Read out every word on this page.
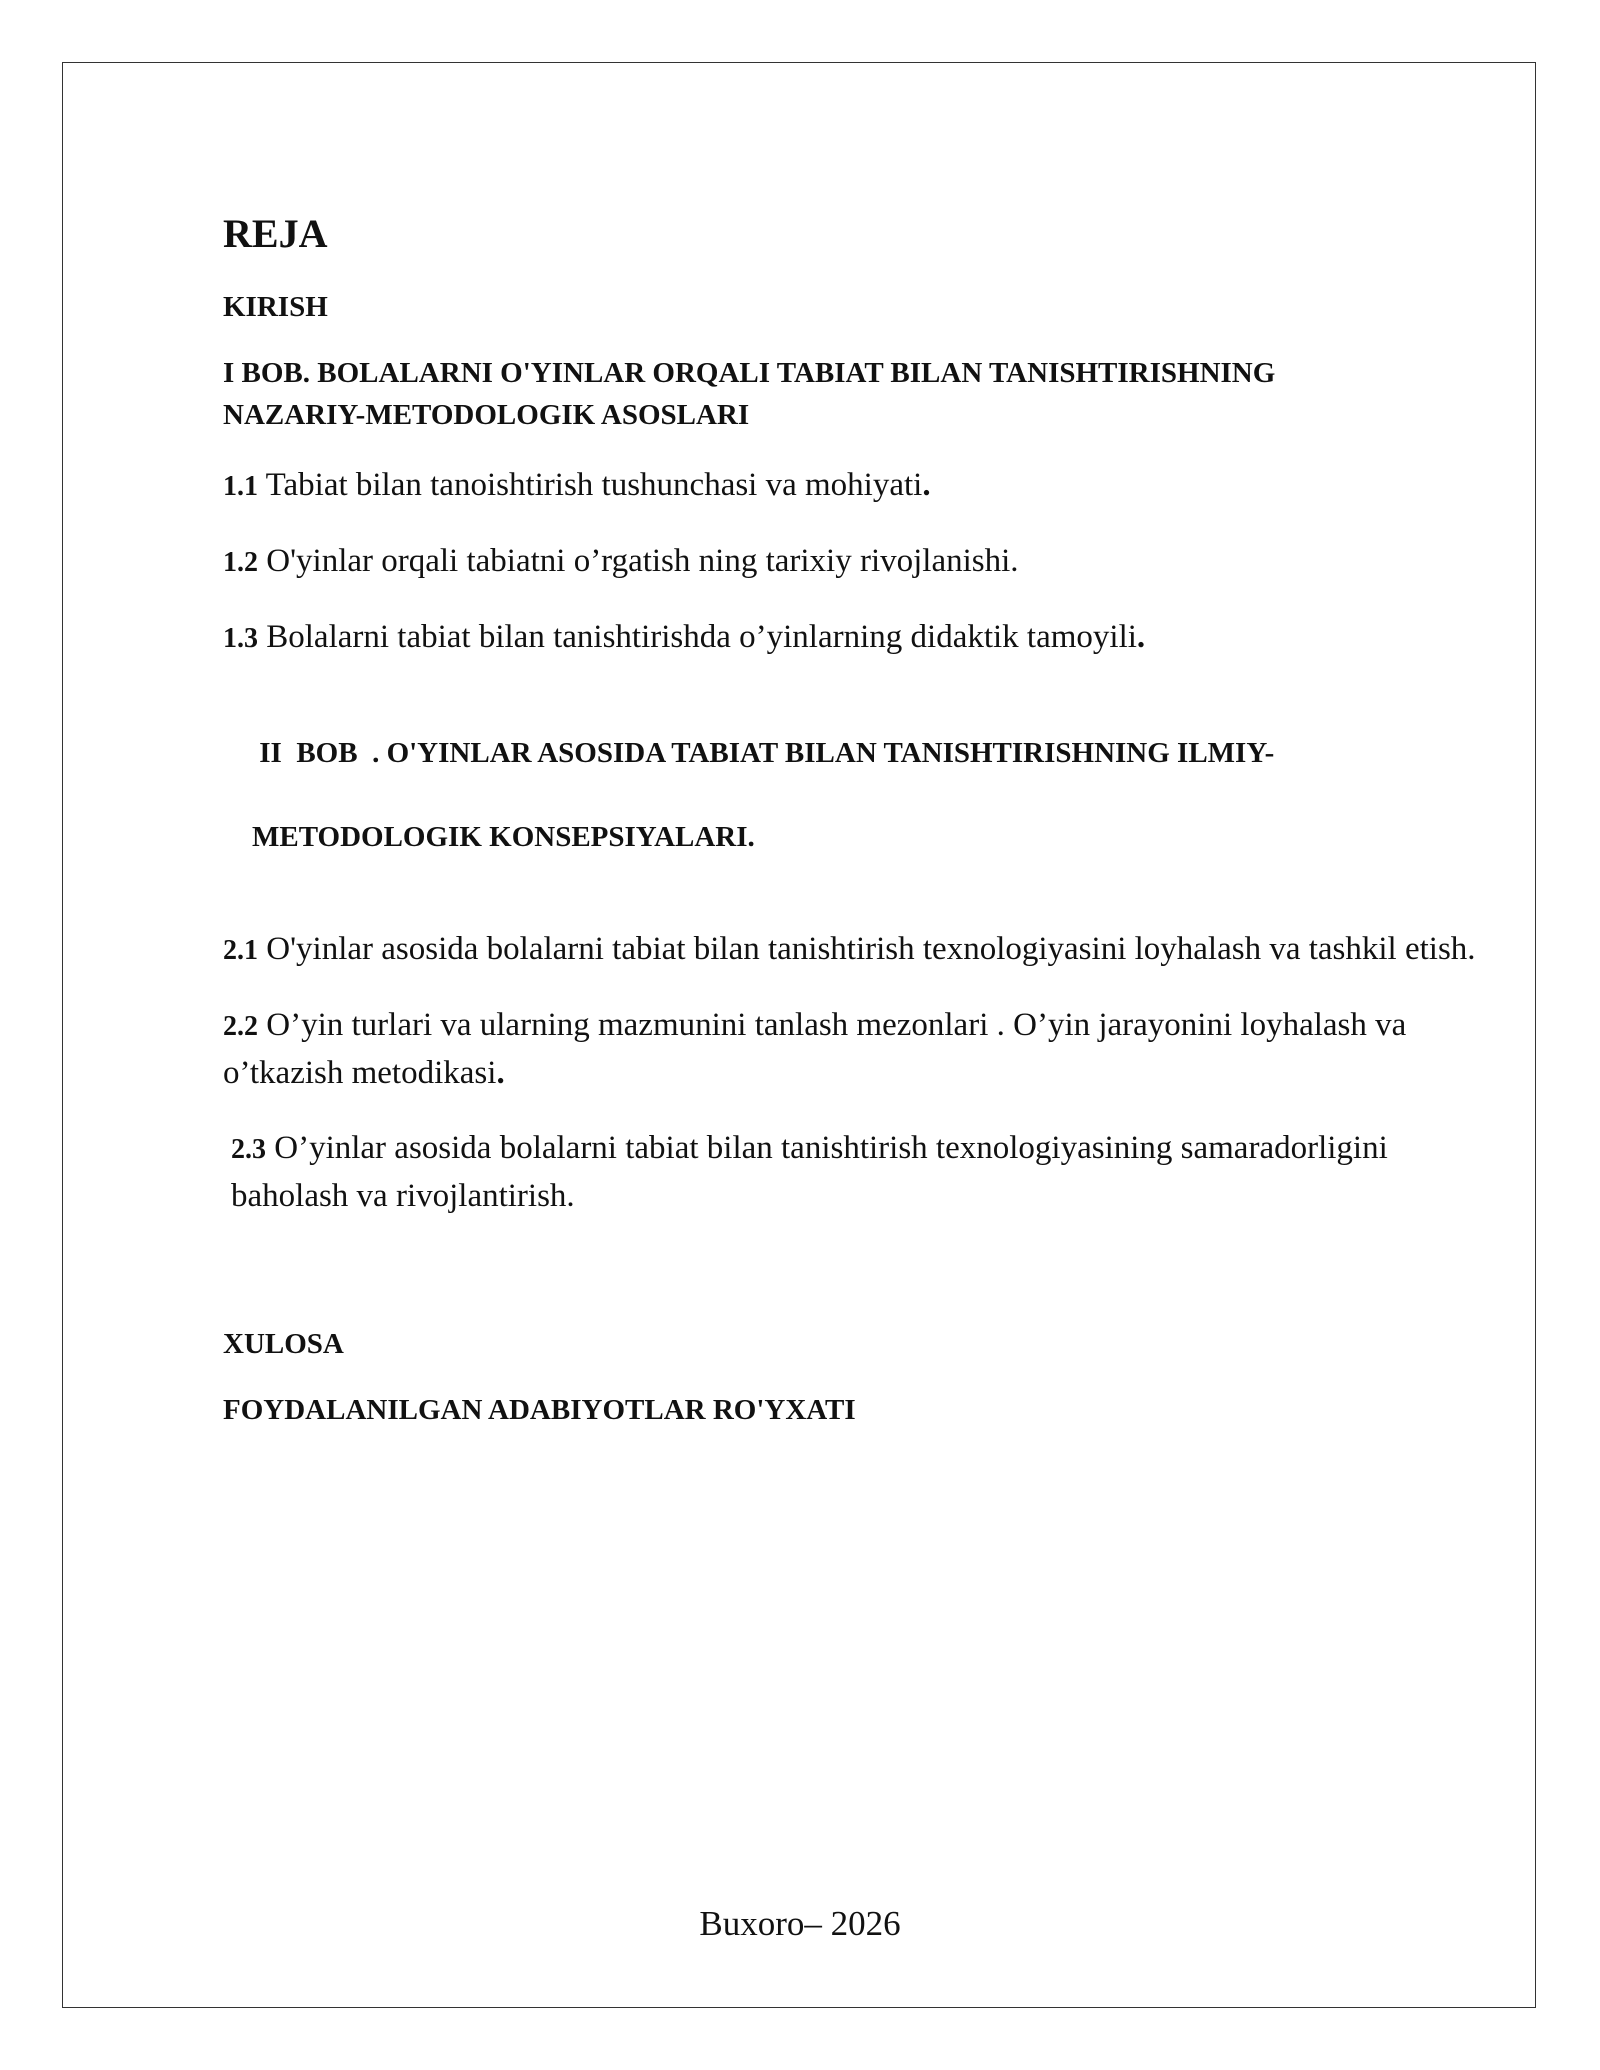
REJA
KIRISH
I BOB. BOLALARNI O'YINLAR ORQALI TABIAT BILAN TANISHTIRISHNING
NAZARIY-METODOLOGIK ASOSLARI
1.1 Tabiat bilan tanoishtirish tushunchasi va mohiyati.
1.2 O'yinlar orqali tabiatni o’rgatish ning tarixiy rivojlanishi.
1.3 Bolalarni tabiat bilan tanishtirishda o’yinlarning didaktik tamoyili.

II  BOB  . O'YINLAR ASOSIDA TABIAT BILAN TANISHTIRISHNING ILMIY-

METODOLOGIK KONSEPSIYALARI.

2.1 O'yinlar asosida bolalarni tabiat bilan tanishtirish texnologiyasini loyhalash va tashkil etish.
2.2 O’yin turlari va ularning mazmunini tanlash mezonlari . O’yin jarayonini loyhalash va o’tkazish metodikasi.
2.3 O’yinlar asosida bolalarni tabiat bilan tanishtirish texnologiyasining samaradorligini baholash va rivojlantirish.
XULOSA
FOYDALANILGAN ADABIYOTLAR RO'YXATI
Buxoro– 2026
